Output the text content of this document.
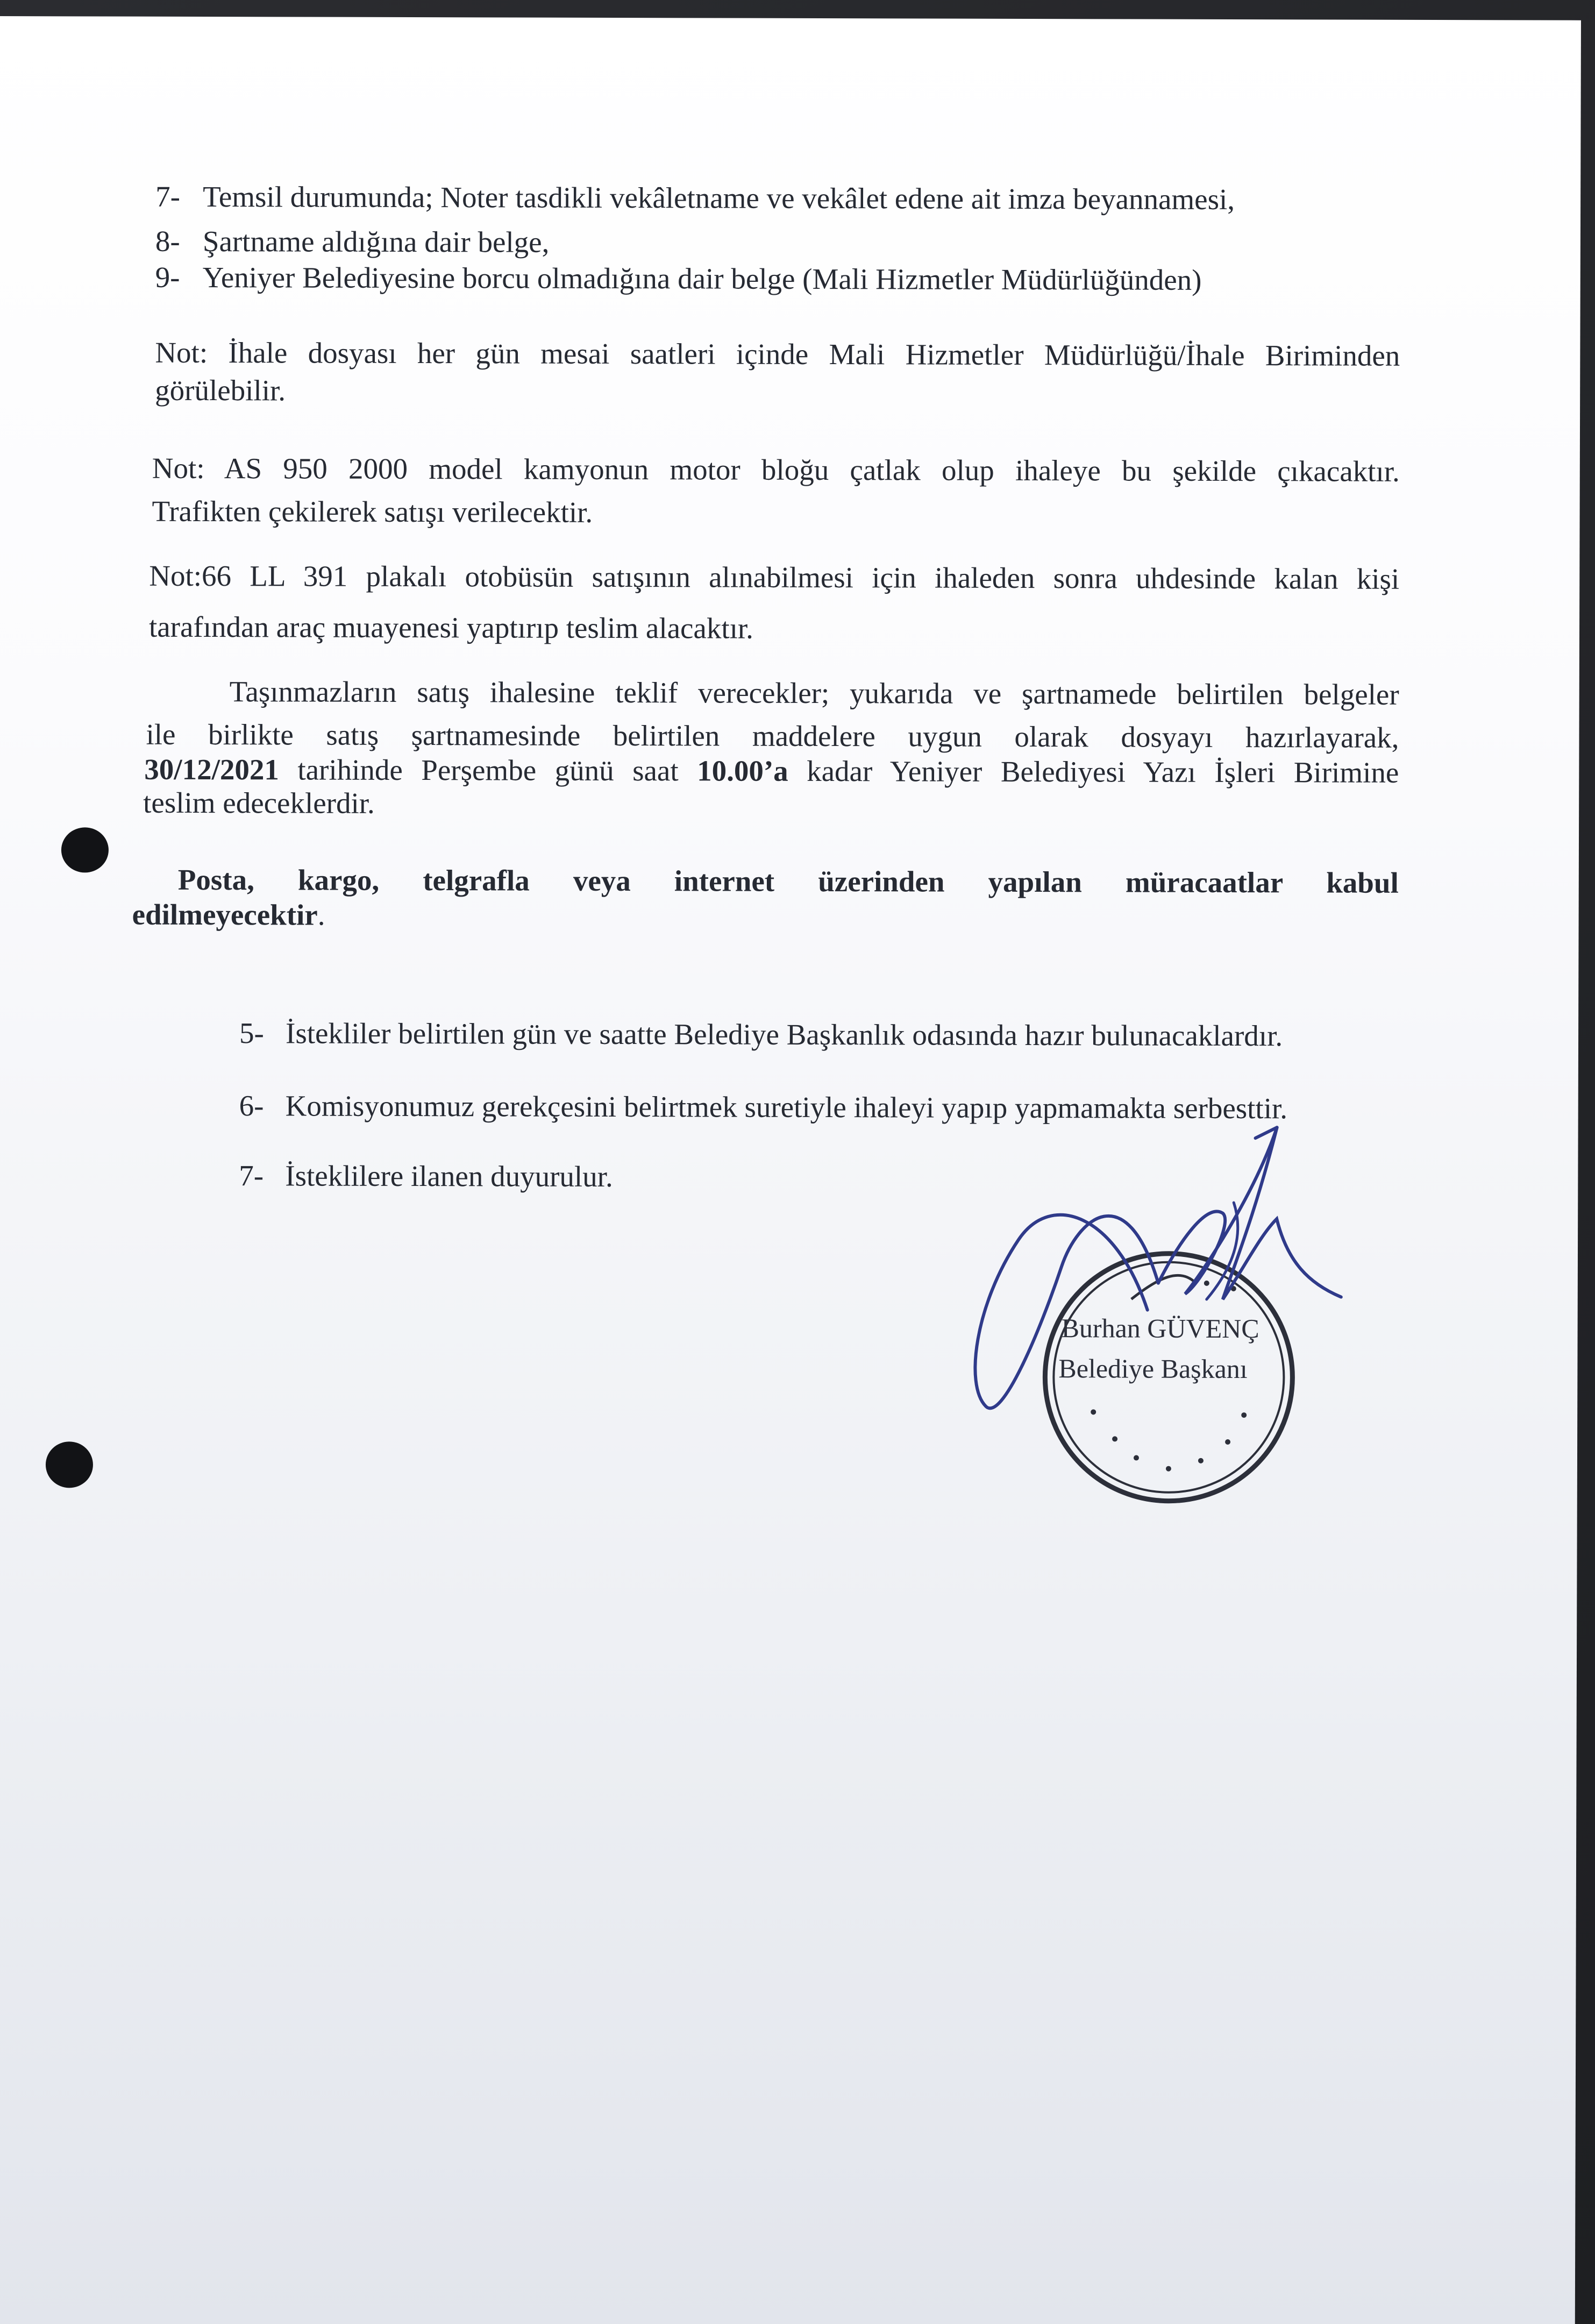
7- Temsil durumunda; Noter tasdikli vekâletname ve vekâlet edene ait imza beyannamesi,
8- Şartname aldığına dair belge,
9- Yeniyer Belediyesine borcu olmadığına dair belge (Mali Hizmetler Müdürlüğünden)
Not: İhale dosyası her gün mesai saatleri içinde Mali Hizmetler Müdürlüğü/İhale Biriminden
görülebilir.
Not: AS 950 2000 model kamyonun motor bloğu çatlak olup ihaleye bu şekilde çıkacaktır.
Trafikten çekilerek satışı verilecektir.
Not:66 LL 391 plakalı otobüsün satışının alınabilmesi için ihaleden sonra uhdesinde kalan kişi
tarafından araç muayenesi yaptırıp teslim alacaktır.
Taşınmazların satış ihalesine teklif verecekler; yukarıda ve şartnamede belirtilen belgeler
ile birlikte satış şartnamesinde belirtilen maddelere uygun olarak dosyayı hazırlayarak,
30/12/2021 tarihinde Perşembe günü saat 10.00’a kadar Yeniyer Belediyesi Yazı İşleri Birimine
teslim edeceklerdir.
Posta, kargo, telgrafla veya internet üzerinden yapılan müracaatlar kabul
edilmeyecektir.
5- İstekliler belirtilen gün ve saatte Belediye Başkanlık odasında hazır bulunacaklardır.
6- Komisyonumuz gerekçesini belirtmek suretiyle ihaleyi yapıp yapmamakta serbesttir.
7- İsteklilere ilanen duyurulur.
Burhan GÜVENÇ
Belediye Başkanı
